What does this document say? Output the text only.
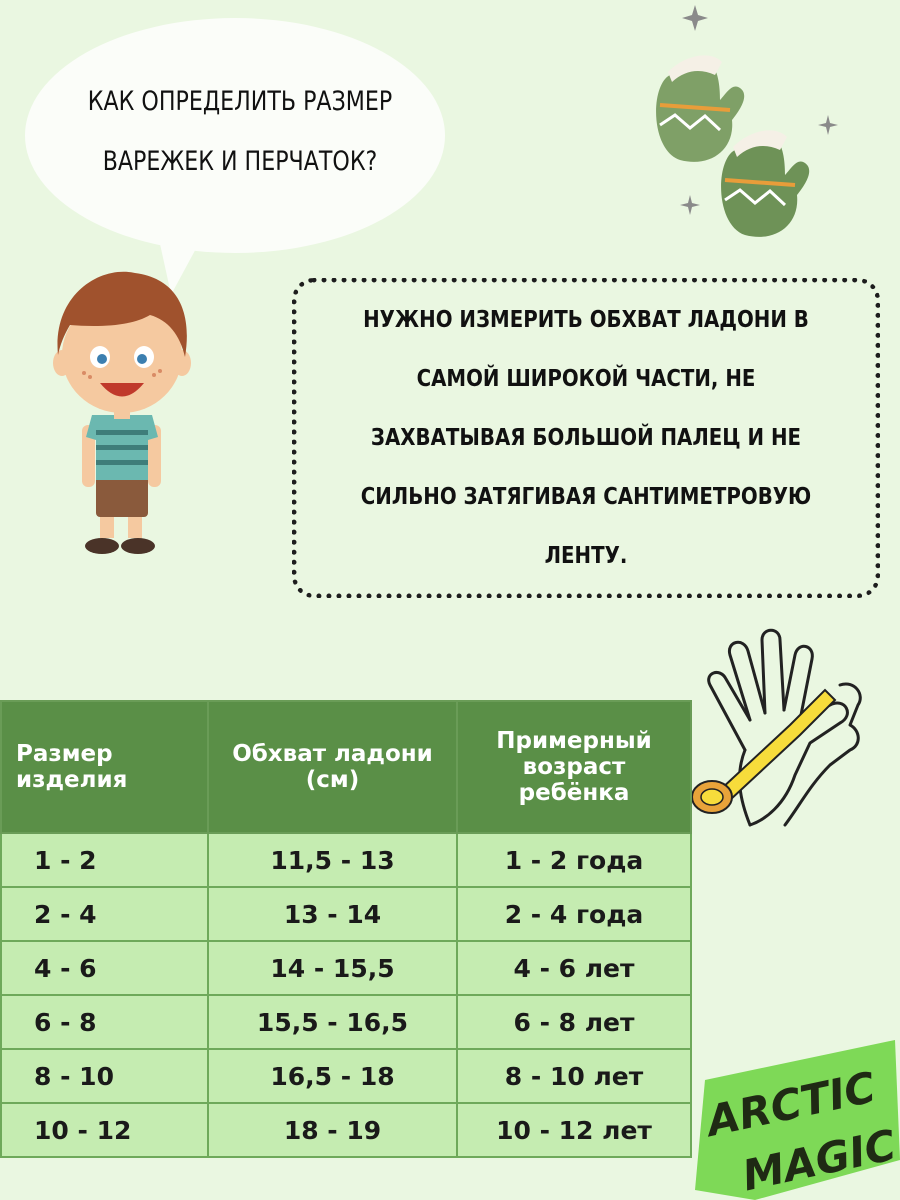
КАК ОПРЕДЕЛИТЬ РАЗМЕР
ВАРЕЖЕК И ПЕРЧАТОК?
НУЖНО ИЗМЕРИТЬ ОБХВАТ ЛАДОНИ В
САМОЙ ШИРОКОЙ ЧАСТИ, НЕ
ЗАХВАТЫВАЯ БОЛЬШОЙ ПАЛЕЦ И НЕ
СИЛЬНО ЗАТЯГИВАЯ САНТИМЕТРОВУЮ
ЛЕНТУ.
Размер изделия	Обхват ладони (см)	Примерный возраст ребёнка
1 - 2	11,5 - 13	1 - 2 года
2 - 4	13 - 14	2 - 4 года
4 - 6	14 - 15,5	4 - 6 лет
6 - 8	15,5 - 16,5	6 - 8 лет
8 - 10	16,5 - 18	8 - 10 лет
10 - 12	18 - 19	10 - 12 лет ARCTIC
MAGIC
